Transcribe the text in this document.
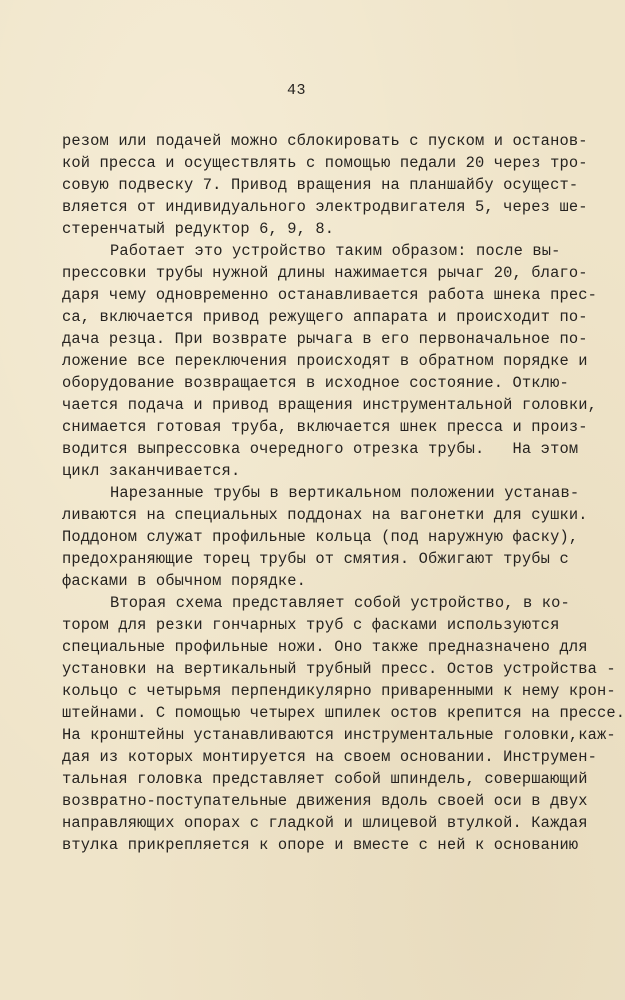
43
резом или подачей можно сблокировать с пуском и останов-
кой пресса и осуществлять с помощью педали 20 через тро-
совую подвеску 7. Привод вращения на планшайбу осущест-
вляется от индивидуального электродвигателя 5, через ше-
стеренчатый редуктор 6, 9, 8.
Работает это устройство таким образом: после вы-
прессовки трубы нужной длины нажимается рычаг 20, благо-
даря чему одновременно останавливается работа шнека прес-
са, включается привод режущего аппарата и происходит по-
дача резца. При возврате рычага в его первоначальное по-
ложение все переключения происходят в обратном порядке и
оборудование возвращается в исходное состояние. Отклю-
чается подача и привод вращения инструментальной головки,
снимается готовая труба, включается шнек пресса и произ-
водится выпрессовка очередного отрезка трубы.   На этом
цикл заканчивается.
Нарезанные трубы в вертикальном положении устанав-
ливаются на специальных поддонах на вагонетки для сушки.
Поддоном служат профильные кольца (под наружную фаску),
предохраняющие торец трубы от смятия. Обжигают трубы с
фасками в обычном порядке.
Вторая схема представляет собой устройство, в ко-
тором для резки гончарных труб с фасками используются
специальные профильные ножи. Оно также предназначено для
установки на вертикальный трубный пресс. Остов устройства -
кольцо с четырьмя перпендикулярно приваренными к нему крон-
штейнами. С помощью четырех шпилек остов крепится на прессе.
На кронштейны устанавливаются инструментальные головки,каж-
дая из которых монтируется на своем основании. Инструмен-
тальная головка представляет собой шпиндель, совершающий
возвратно-поступательные движения вдоль своей оси в двух
направляющих опорах с гладкой и шлицевой втулкой. Каждая
втулка прикрепляется к опоре и вместе с ней к основанию
